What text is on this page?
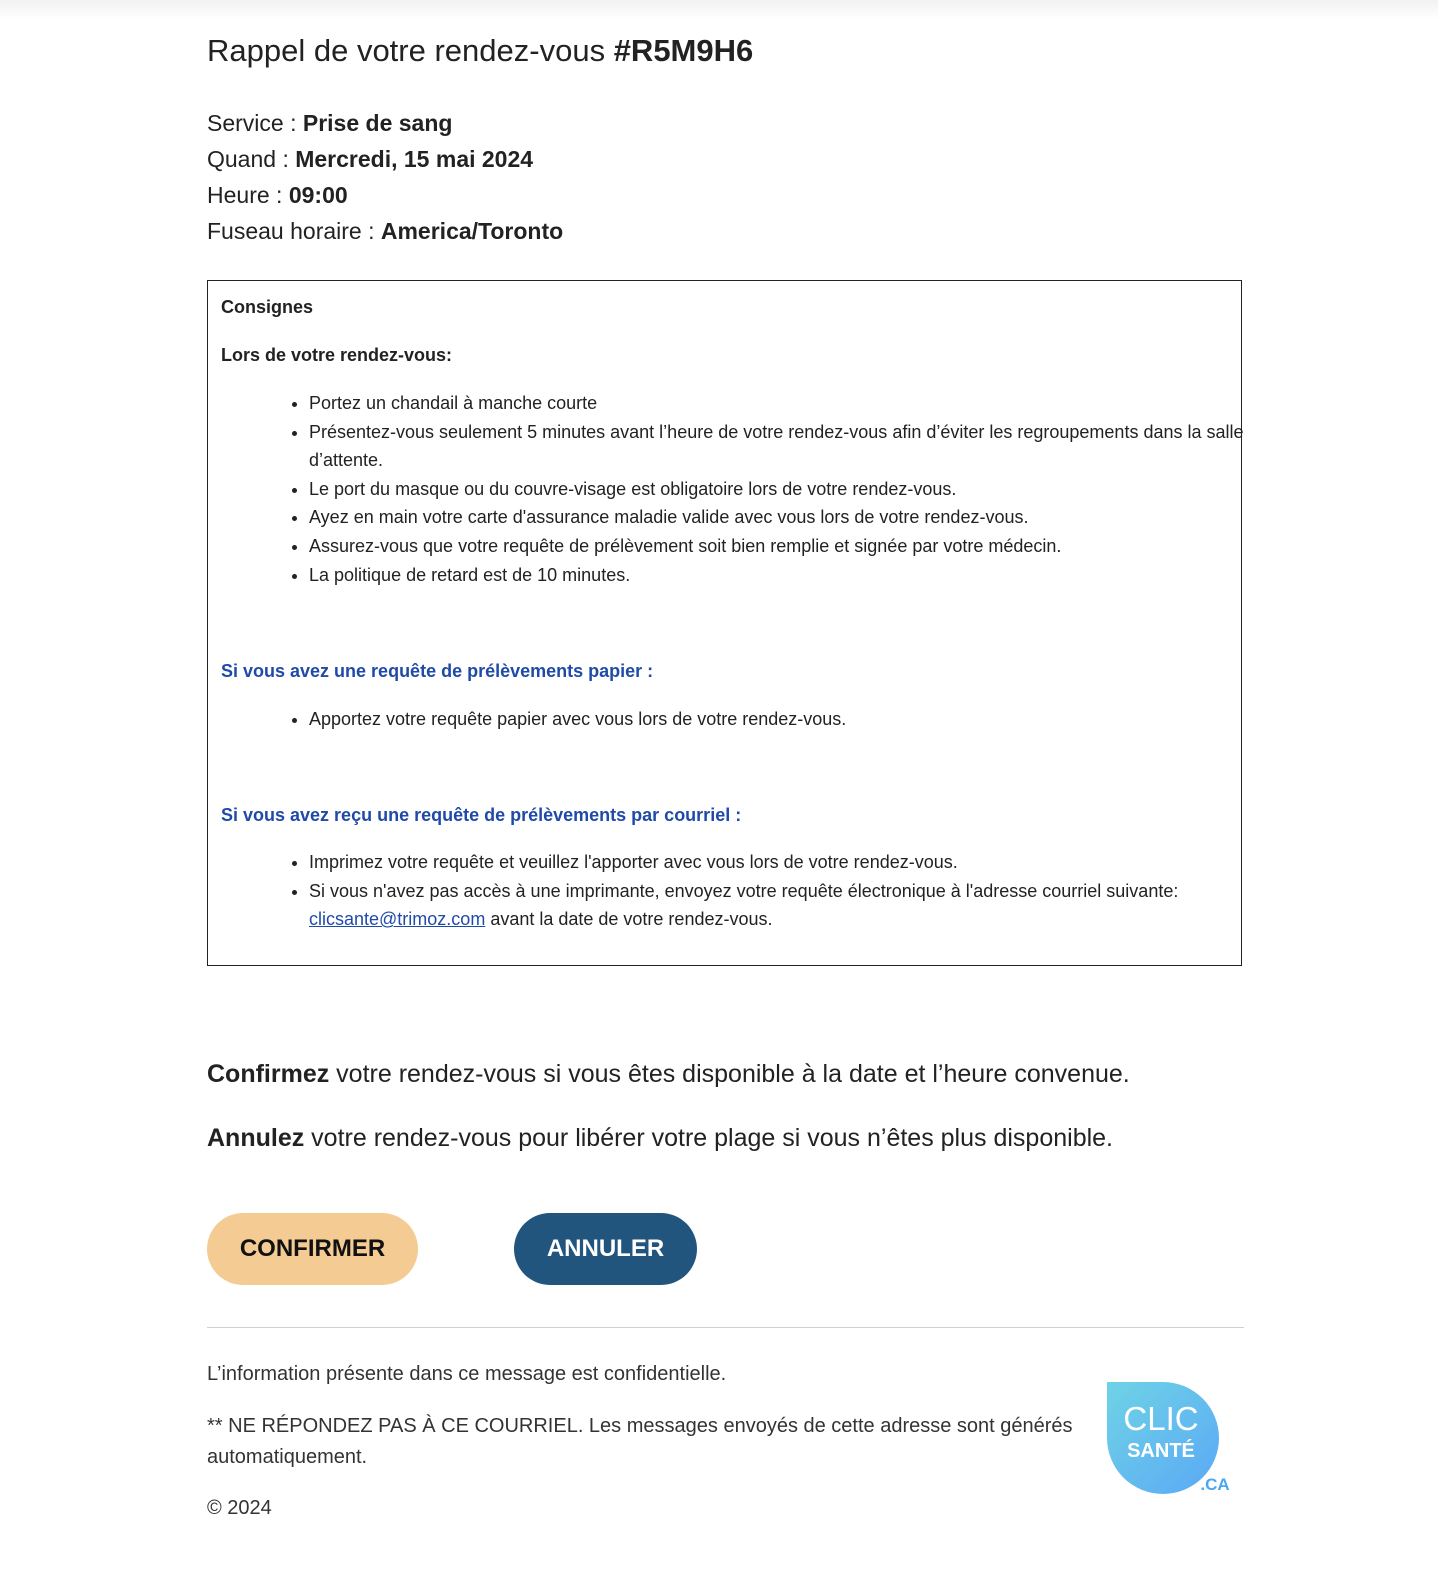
Rappel de votre rendez-vous #R5M9H6
Service : Prise de sang
Quand : Mercredi, 15 mai 2024
Heure : 09:00
Fuseau horaire : America/Toronto
Consignes
Lors de votre rendez-vous:
• Portez un chandail à manche courte
• Présentez-vous seulement 5 minutes avant l’heure de votre rendez-vous afin d’éviter les regroupements dans la salle d’attente.
• Le port du masque ou du couvre-visage est obligatoire lors de votre rendez-vous.
• Ayez en main votre carte d'assurance maladie valide avec vous lors de votre rendez-vous.
• Assurez-vous que votre requête de prélèvement soit bien remplie et signée par votre médecin.
• La politique de retard est de 10 minutes.
Si vous avez une requête de prélèvements papier :
• Apportez votre requête papier avec vous lors de votre rendez-vous.
Si vous avez reçu une requête de prélèvements par courriel :
• Imprimez votre requête et veuillez l'apporter avec vous lors de votre rendez-vous.
• Si vous n'avez pas accès à une imprimante, envoyez votre requête électronique à l'adresse courriel suivante: clicsante@trimoz.com avant la date de votre rendez-vous.
Confirmez votre rendez-vous si vous êtes disponible à la date et l’heure convenue.
Annulez votre rendez-vous pour libérer votre plage si vous n’êtes plus disponible.
CONFIRMER	ANNULER
L’information présente dans ce message est confidentielle.
** NE RÉPONDEZ PAS À CE COURRIEL. Les messages envoyés de cette adresse sont générés automatiquement.
© 2024
CLIC
SANTÉ
.CA
